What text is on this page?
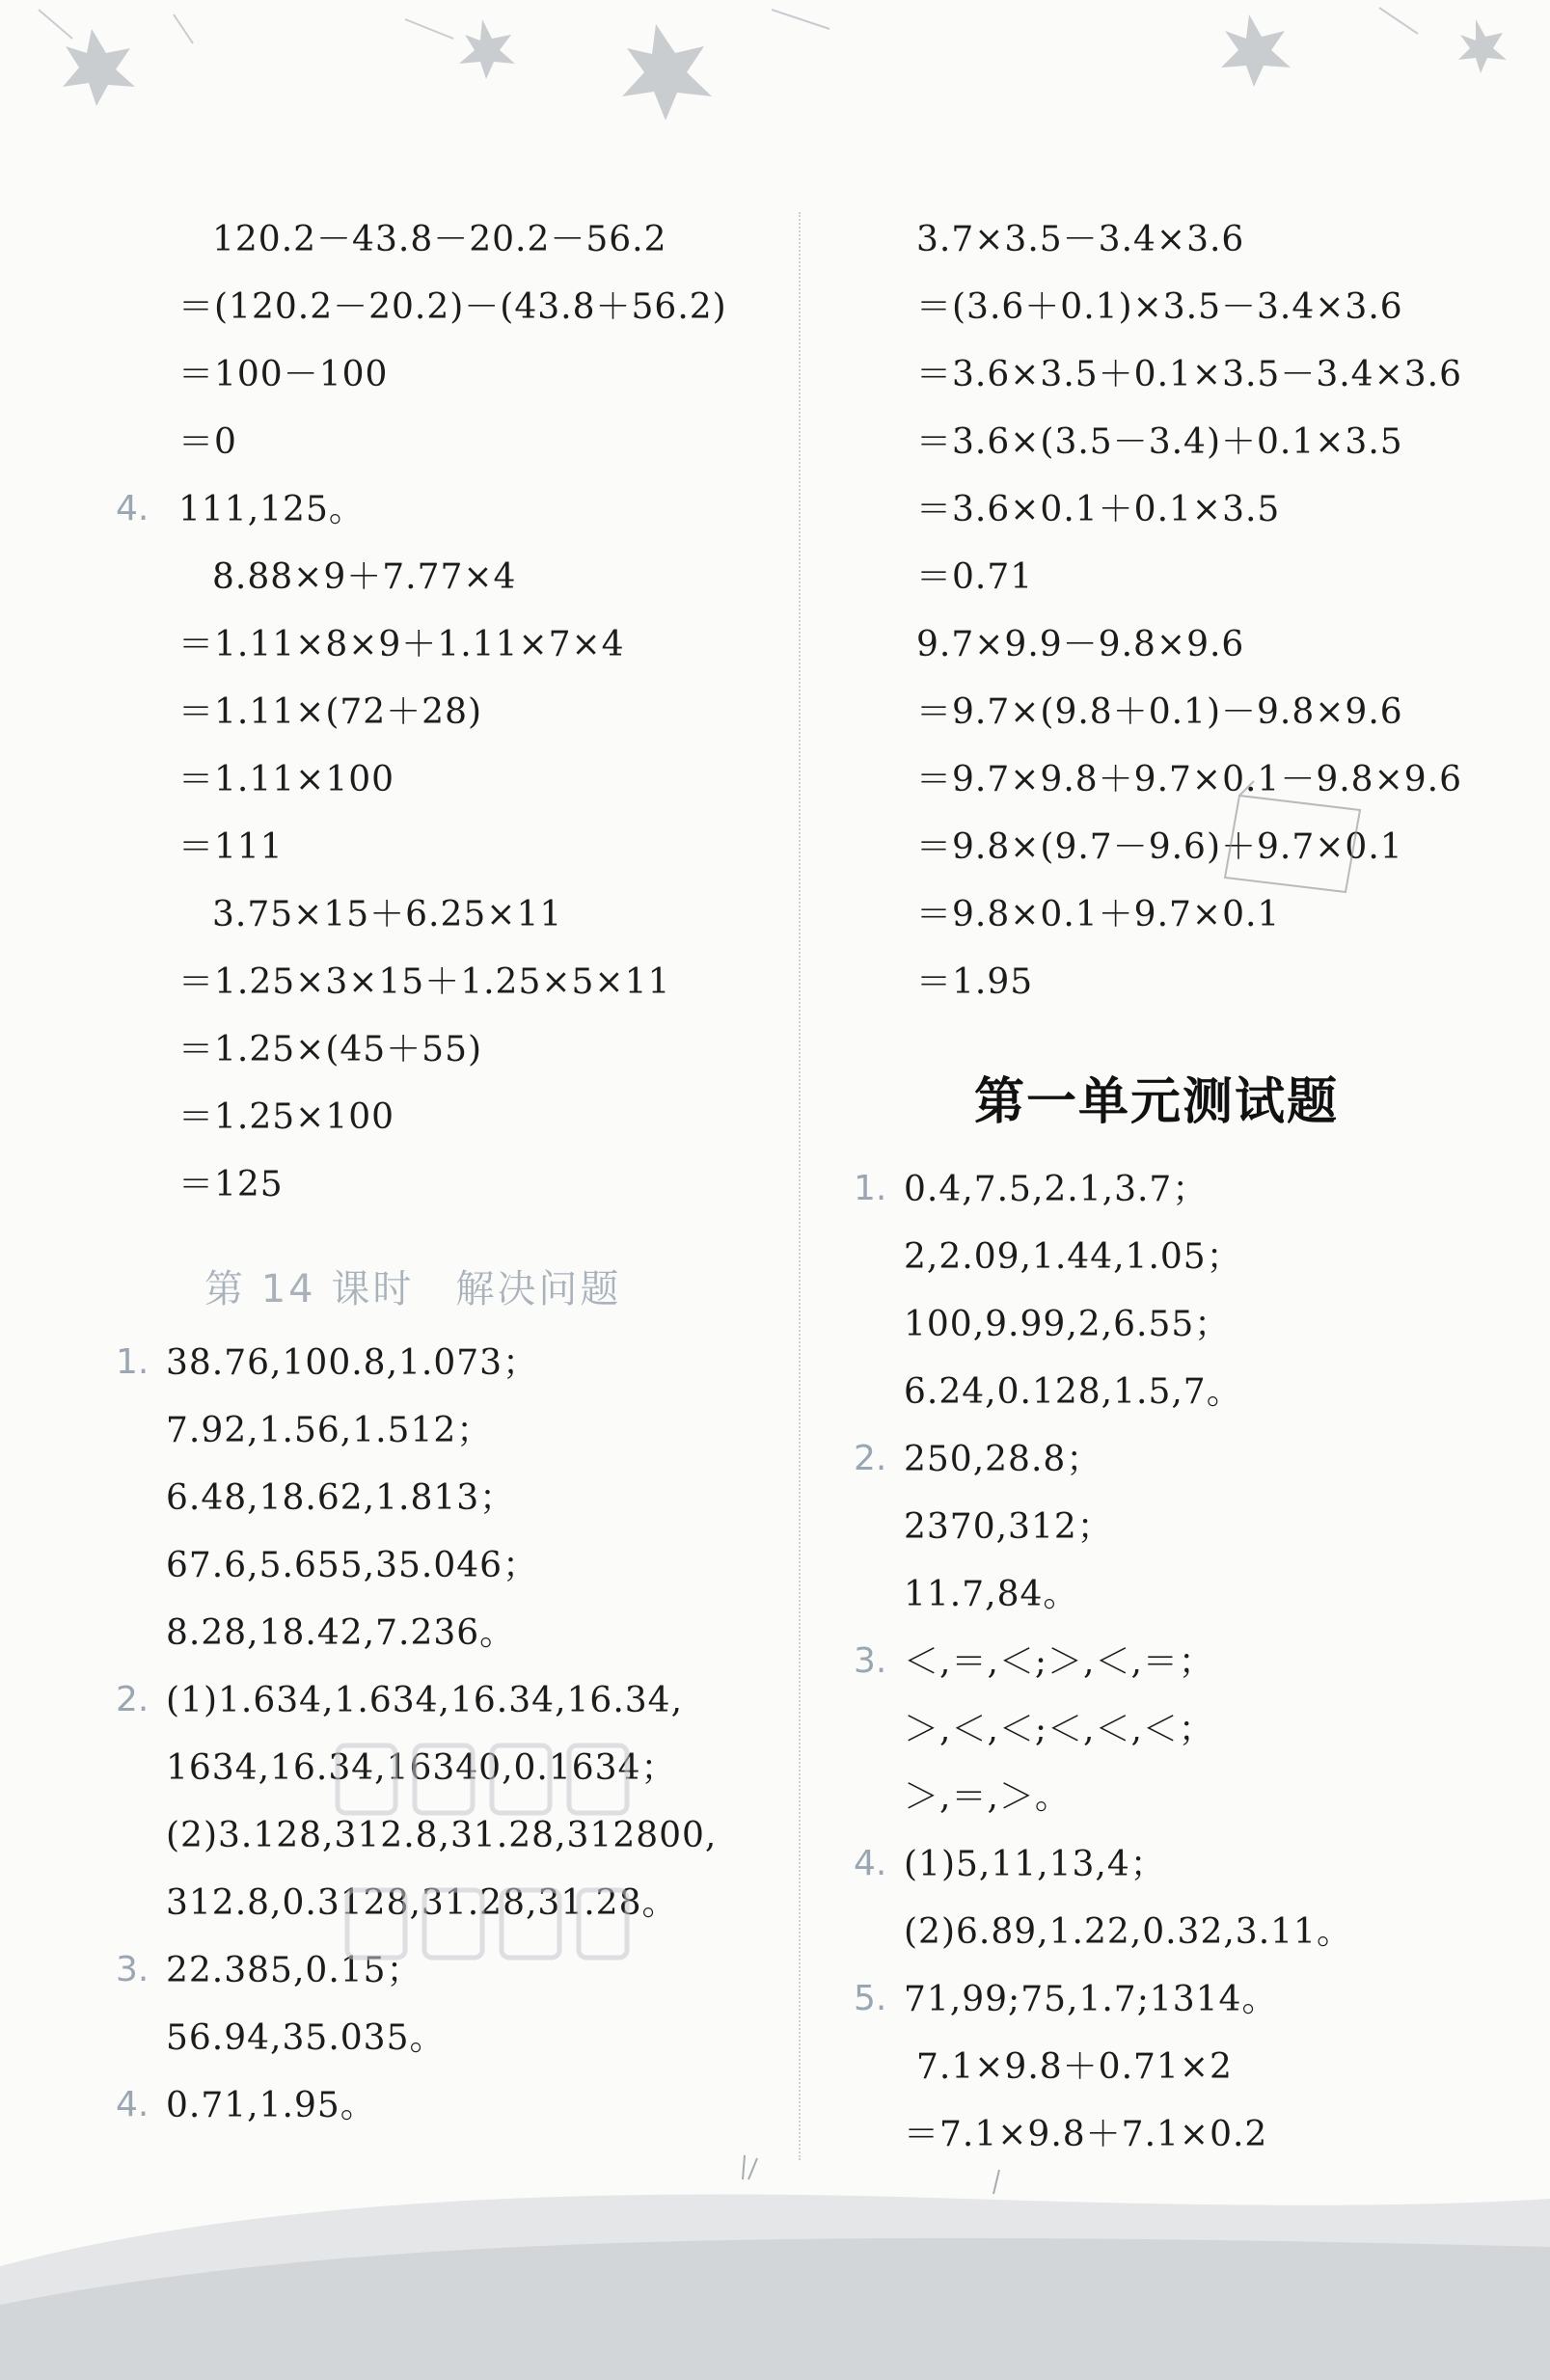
120.2－43.8－20.2－56.2
＝(120.2－20.2)－(43.8＋56.2)
＝100－100
＝0
4. 111,125。
8.88×9＋7.77×4
＝1.11×8×9＋1.11×7×4
＝1.11×(72＋28)
＝1.11×100
＝111
3.75×15＋6.25×11
＝1.25×3×15＋1.25×5×11
＝1.25×(45＋55)
＝1.25×100
＝125
第 14 课时　解决问题
1. 38.76,100.8,1.073；
7.92,1.56,1.512；
6.48,18.62,1.813；
67.6,5.655,35.046；
8.28,18.42,7.236。
2. (1)1.634,1.634,16.34,16.34,
1634,16.34,16340,0.1634；
(2)3.128,312.8,31.28,312800,
312.8,0.3128,31.28,31.28。
3. 22.385,0.15；
56.94,35.035。
4. 0.71,1.95。
3.7×3.5－3.4×3.6
＝(3.6＋0.1)×3.5－3.4×3.6
＝3.6×3.5＋0.1×3.5－3.4×3.6
＝3.6×(3.5－3.4)＋0.1×3.5
＝3.6×0.1＋0.1×3.5
＝0.71
9.7×9.9－9.8×9.6
＝9.7×(9.8＋0.1)－9.8×9.6
＝9.7×9.8＋9.7×0.1－9.8×9.6
＝9.8×(9.7－9.6)＋9.7×0.1
＝9.8×0.1＋9.7×0.1
＝1.95
第一单元测试题
1. 0.4,7.5,2.1,3.7；
2,2.09,1.44,1.05；
100,9.99,2,6.55；
6.24,0.128,1.5,7。
2. 250,28.8；
2370,312；
11.7,84。
3. ＜,＝,＜;＞,＜,＝；
＞,＜,＜;＜,＜,＜；
＞,＝,＞。
4. (1)5,11,13,4；
(2)6.89,1.22,0.32,3.11。
5. 71,99;75,1.7;1314。
7.1×9.8＋0.71×2
＝7.1×9.8＋7.1×0.2
